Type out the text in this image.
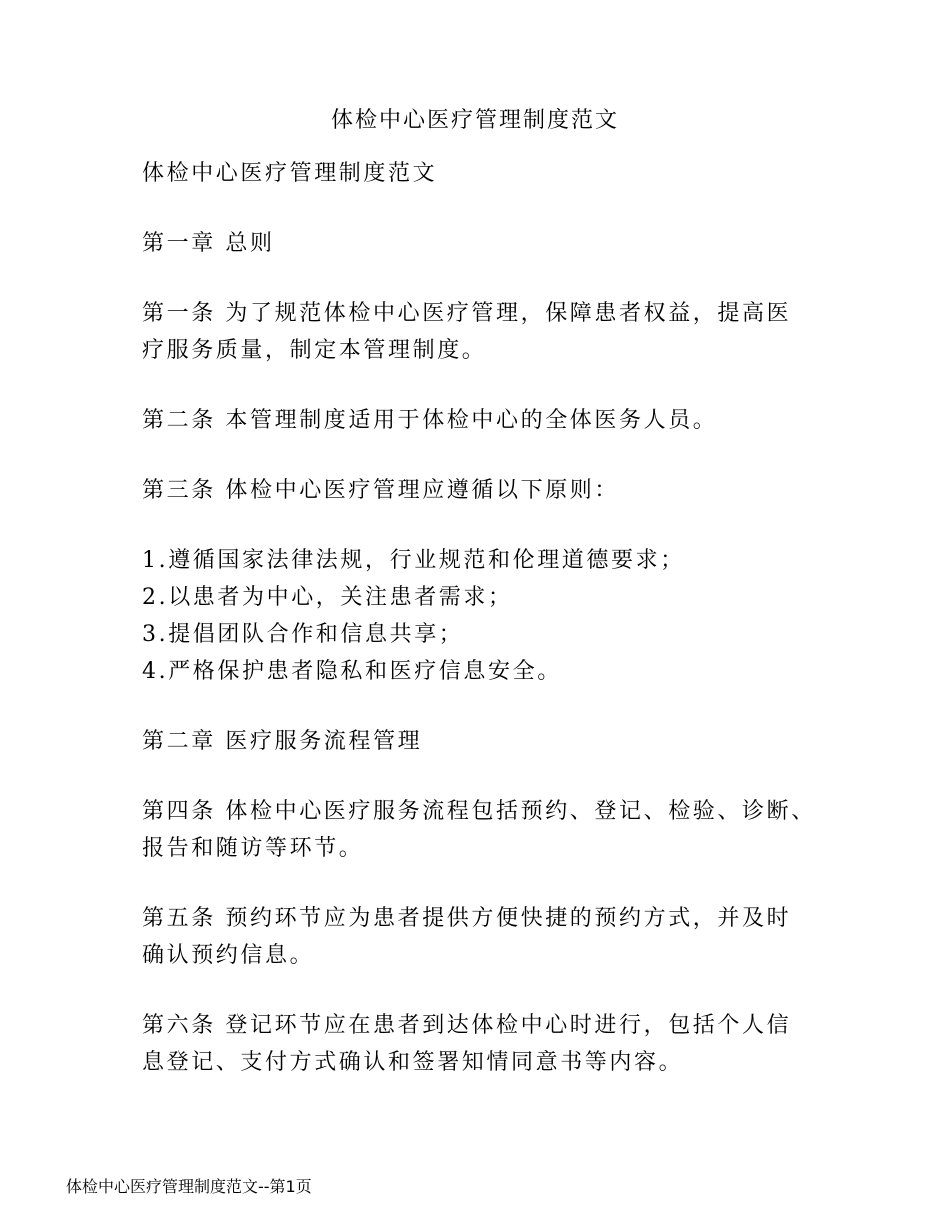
体检中心医疗管理制度范文

体检中心医疗管理制度范文

第一章 总则

第一条 为了规范体检中心医疗管理，保障患者权益，提高医
疗服务质量，制定本管理制度。

第二条 本管理制度适用于体检中心的全体医务人员。

第三条 体检中心医疗管理应遵循以下原则：

1.遵循国家法律法规，行业规范和伦理道德要求；
2.以患者为中心，关注患者需求；
3.提倡团队合作和信息共享；
4.严格保护患者隐私和医疗信息安全。

第二章 医疗服务流程管理

第四条 体检中心医疗服务流程包括预约、登记、检验、诊断、
报告和随访等环节。

第五条 预约环节应为患者提供方便快捷的预约方式，并及时
确认预约信息。

第六条 登记环节应在患者到达体检中心时进行，包括个人信
息登记、支付方式确认和签署知情同意书等内容。

体检中心医疗管理制度范文--第1页
